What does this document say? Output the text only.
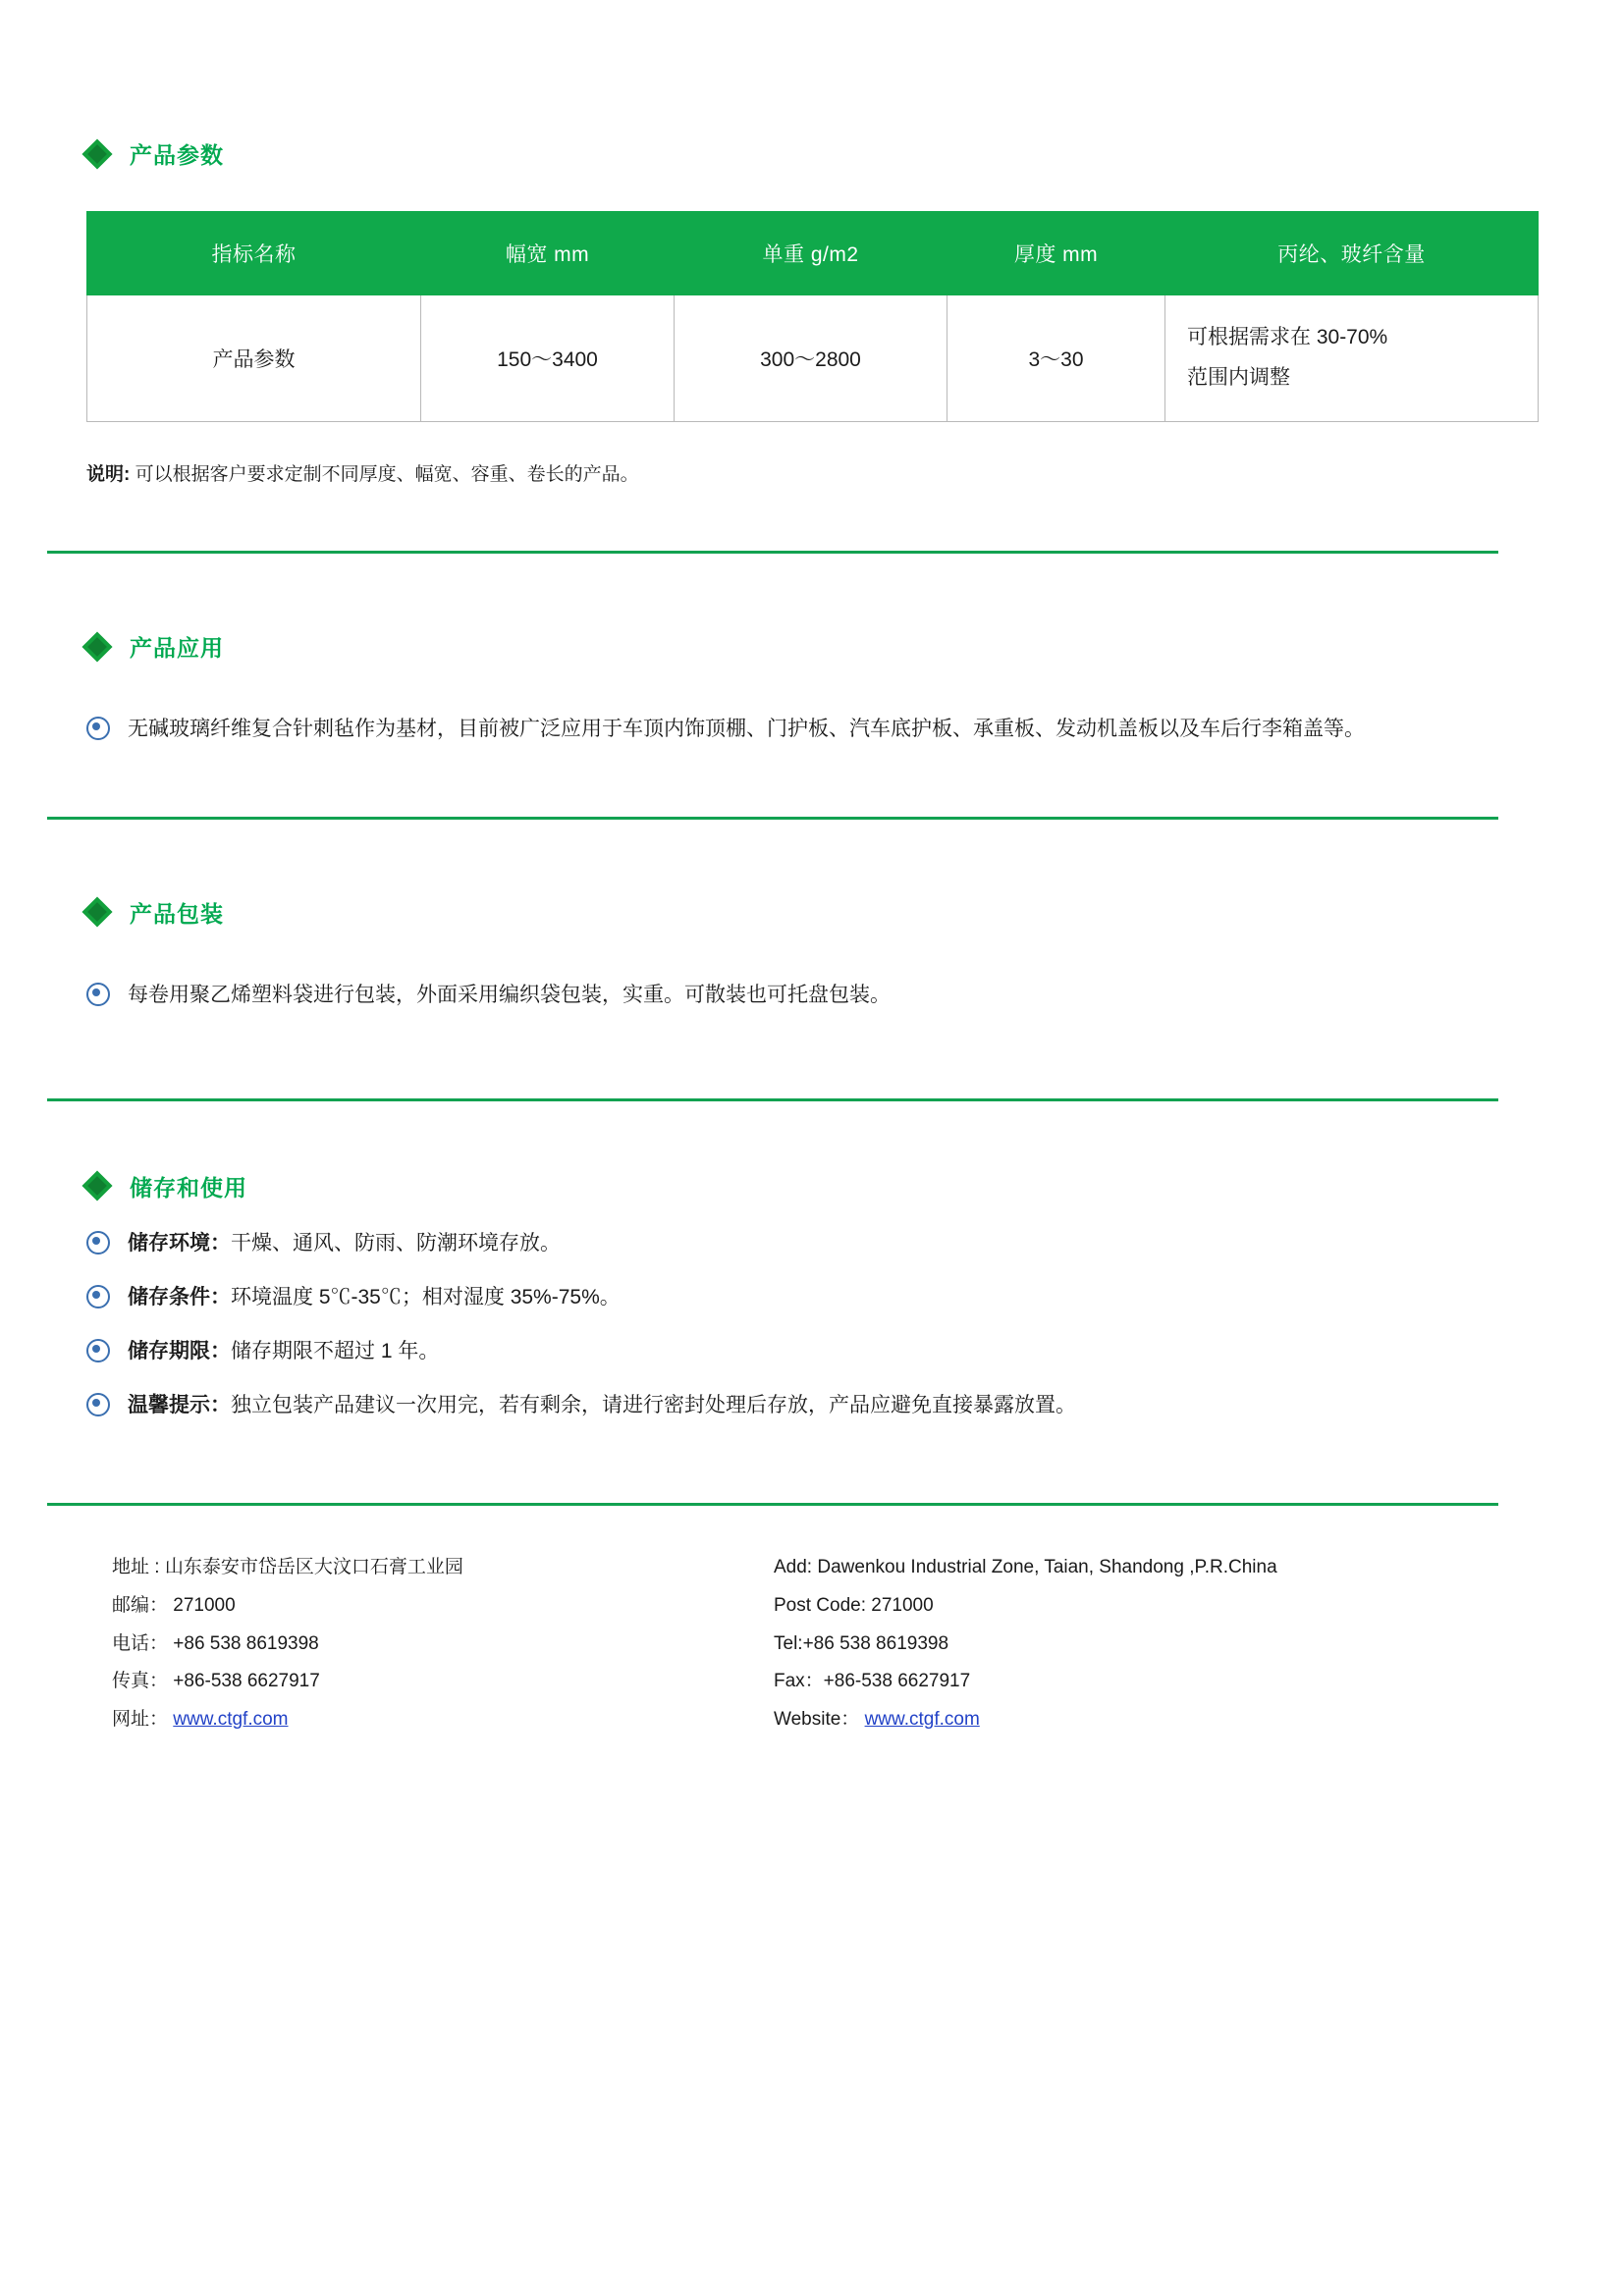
产品参数
指标名称	幅宽 mm	单重 g/m2	厚度 mm	丙纶、玻纤含量
产品参数	150～3400	300～2800	3～30	可根据需求在 30-70%
范围内调整
说明: 可以根据客户要求定制不同厚度、幅宽、容重、卷长的产品。
产品应用
无碱玻璃纤维复合针刺毡作为基材，目前被广泛应用于车顶内饰顶棚、门护板、汽车底护板、承重板、发动机盖板以及车后行李箱盖等。
产品包装
每卷用聚乙烯塑料袋进行包装，外面采用编织袋包装，实重。可散装也可托盘包装。
储存和使用
储存环境：干燥、通风、防雨、防潮环境存放。
储存条件：环境温度 5℃-35℃；相对湿度 35%-75%。
储存期限：储存期限不超过 1 年。
温馨提示：独立包装产品建议一次用完，若有剩余，请进行密封处理后存放，产品应避免直接暴露放置。
地址 : 山东泰安市岱岳区大汶口石膏工业园
邮编： 271000
电话： +86 538 8619398
传真： +86-538 6627917
网址： www.ctgf.com
Add: Dawenkou Industrial Zone, Taian, Shandong ,P.R.China
Post Code: 271000
Tel:+86 538 8619398
Fax：+86-538 6627917
Website： www.ctgf.com
